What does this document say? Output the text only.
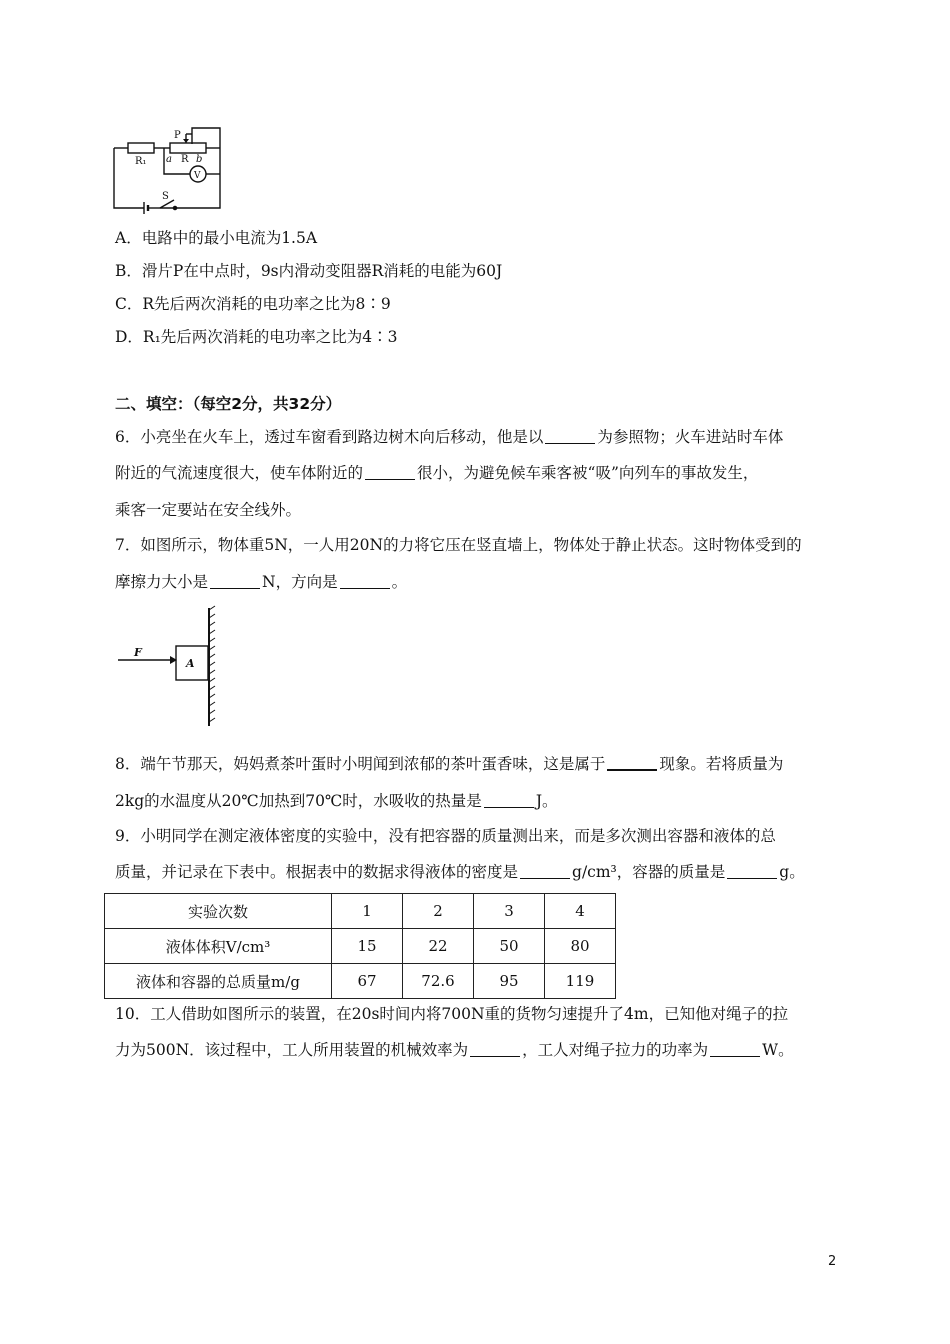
R₁ a R b
P
V
S
A．电路中的最小电流为1.5A
B．滑片P在中点时，9s内滑动变阻器R消耗的电能为60J
C．R先后两次消耗的电功率之比为8∶9
D．R₁先后两次消耗的电功率之比为4∶3
二、填空：（每空2分，共32分）
6．小亮坐在火车上，透过车窗看到路边树木向后移动，他是以	为参照物；火车进站时车体
附近的气流速度很大，使车体附近的	很小，为避免候车乘客被“吸”向列车的事故发生，
乘客一定要站在安全线外。
7．如图所示，物体重5N，一人用20N的力将它压在竖直墙上，物体处于静止状态。这时物体受到的
摩擦力大小是	N，方向是	。
F
A
8．端午节那天，妈妈煮茶叶蛋时小明闻到浓郁的茶叶蛋香味，这是属于	现象。若将质量为
2kg的水温度从20℃加热到70℃时，水吸收的热量是	J。
9．小明同学在测定液体密度的实验中，没有把容器的质量测出来，而是多次测出容器和液体的总
质量，并记录在下表中。根据表中的数据求得液体的密度是	g/cm³，容器的质量是	g。
实验次数	1	2	3	4
液体体积V/cm³	15	22	50	80
液体和容器的总质量m/g	67	72.6	95	119
10．工人借助如图所示的装置，在20s时间内将700N重的货物匀速提升了4m，已知他对绳子的拉
力为500N．该过程中，工人所用装置的机械效率为	，工人对绳子拉力的功率为	W。
2
